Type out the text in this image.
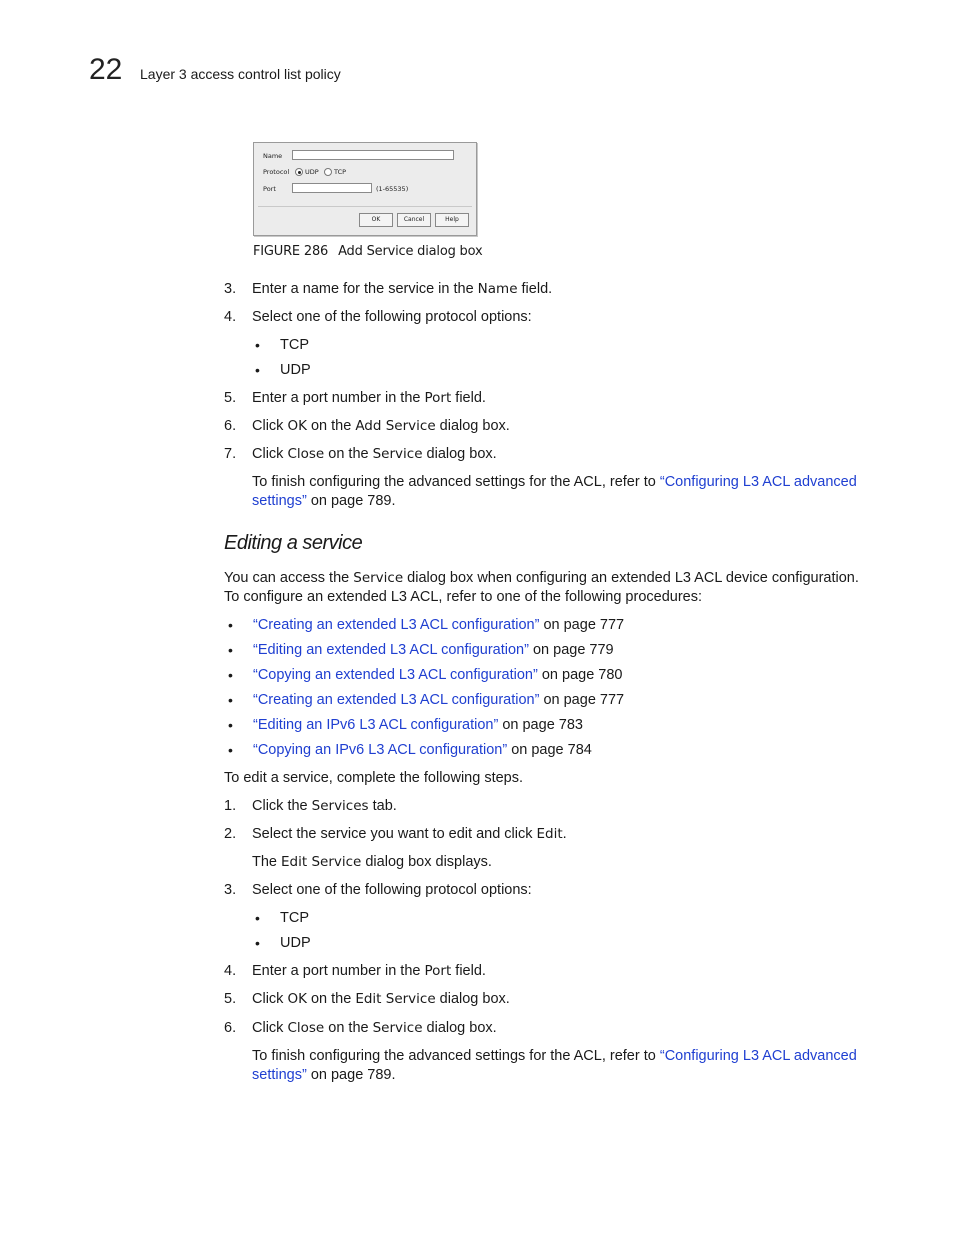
22 Layer 3 access control list policy
Name
Protocol UDP TCP
Port	(1-65535)
OK	Cancel	Help
FIGURE 286 Add Service dialog box
3. Enter a name for the service in the Name field.
4. Select one of the following protocol options:
• TCP
• UDP
5. Enter a port number in the Port field.
6. Click OK on the Add Service dialog box.
7. Click Close on the Service dialog box.
To finish configuring the advanced settings for the ACL, refer to “Configuring L3 ACL advanced
settings” on page 789.
Editing a service
You can access the Service dialog box when configuring an extended L3 ACL device configuration.
To configure an extended L3 ACL, refer to one of the following procedures:
• “Creating an extended L3 ACL configuration” on page 777
• “Editing an extended L3 ACL configuration” on page 779
• “Copying an extended L3 ACL configuration” on page 780
• “Creating an extended L3 ACL configuration” on page 777
• “Editing an IPv6 L3 ACL configuration” on page 783
• “Copying an IPv6 L3 ACL configuration” on page 784
To edit a service, complete the following steps.
1. Click the Services tab.
2. Select the service you want to edit and click Edit.
The Edit Service dialog box displays.
3. Select one of the following protocol options:
• TCP
• UDP
4. Enter a port number in the Port field.
5. Click OK on the Edit Service dialog box.
6. Click Close on the Service dialog box.
To finish configuring the advanced settings for the ACL, refer to “Configuring L3 ACL advanced
settings” on page 789.
